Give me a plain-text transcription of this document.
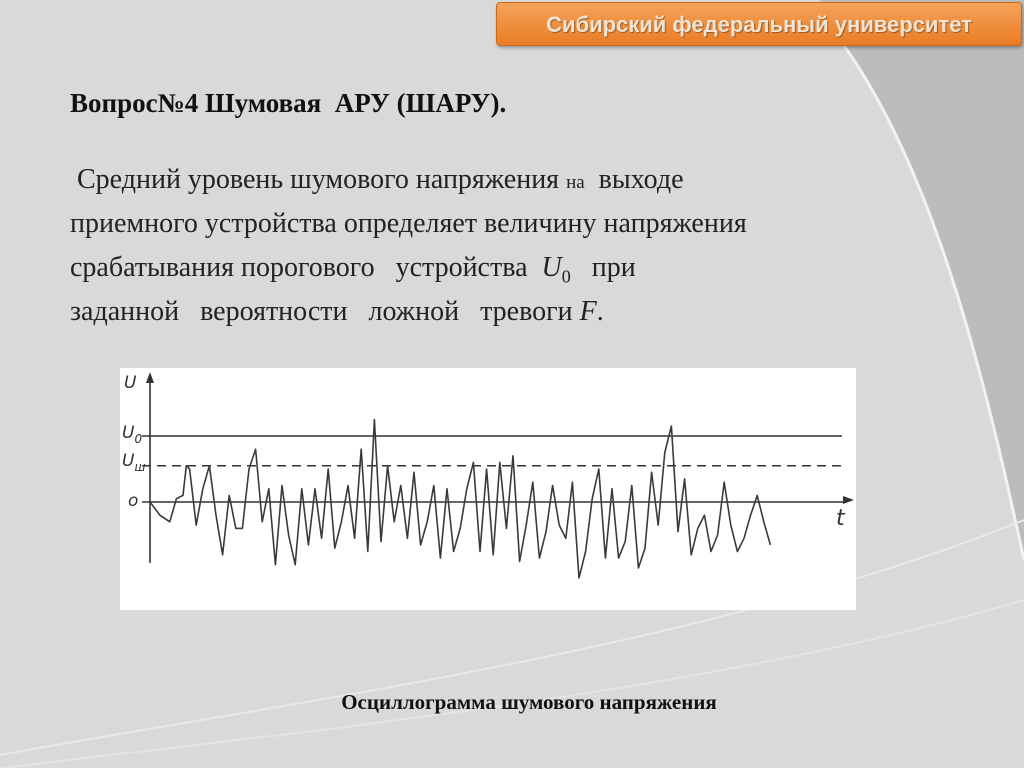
Сибирский федеральный университет
Вопрос№4 Шумовая  АРУ (ШАРУ).
Средний уровень шумового напряжения на  выходе
приемного устройства определяет величину напряжения
срабатывания порогового   устройства  $U_0$   при
заданной   вероятности   ложной   тревоги F.
U
t
$U_0$
$U_ш$
o
Осциллограмма шумового напряжения
